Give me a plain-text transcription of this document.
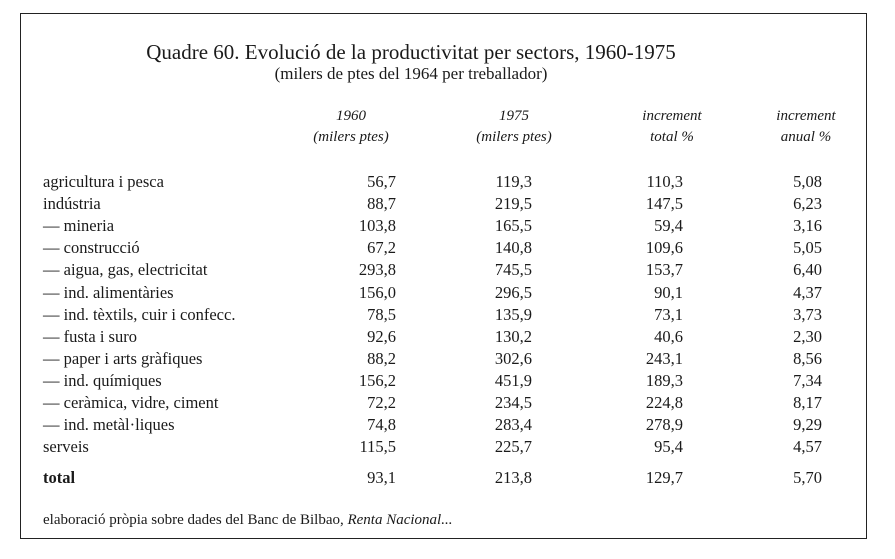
Quadre 60. Evolució de la productivitat per sectors, 1960-1975
(milers de ptes del 1964 per treballador)
1960
(milers ptes)
1975
(milers ptes)
increment
total %
increment
anual %
agricultura i pesca	56,7	119,3	110,3	5,08
indústria	88,7	219,5	147,5	6,23
— mineria	103,8	165,5	59,4	3,16
— construcció	67,2	140,8	109,6	5,05
— aigua, gas, electricitat	293,8	745,5	153,7	6,40
— ind. alimentàries	156,0	296,5	90,1	4,37
— ind. tèxtils, cuir i confecc.	78,5	135,9	73,1	3,73
— fusta i suro	92,6	130,2	40,6	2,30
— paper i arts gràfiques	88,2	302,6	243,1	8,56
— ind. químiques	156,2	451,9	189,3	7,34
— ceràmica, vidre, ciment	72,2	234,5	224,8	8,17
— ind. metàl·liques	74,8	283,4	278,9	9,29
serveis	115,5	225,7	95,4	4,57
total	93,1	213,8	129,7	5,70
elaboració pròpia sobre dades del Banc de Bilbao, Renta Nacional...
